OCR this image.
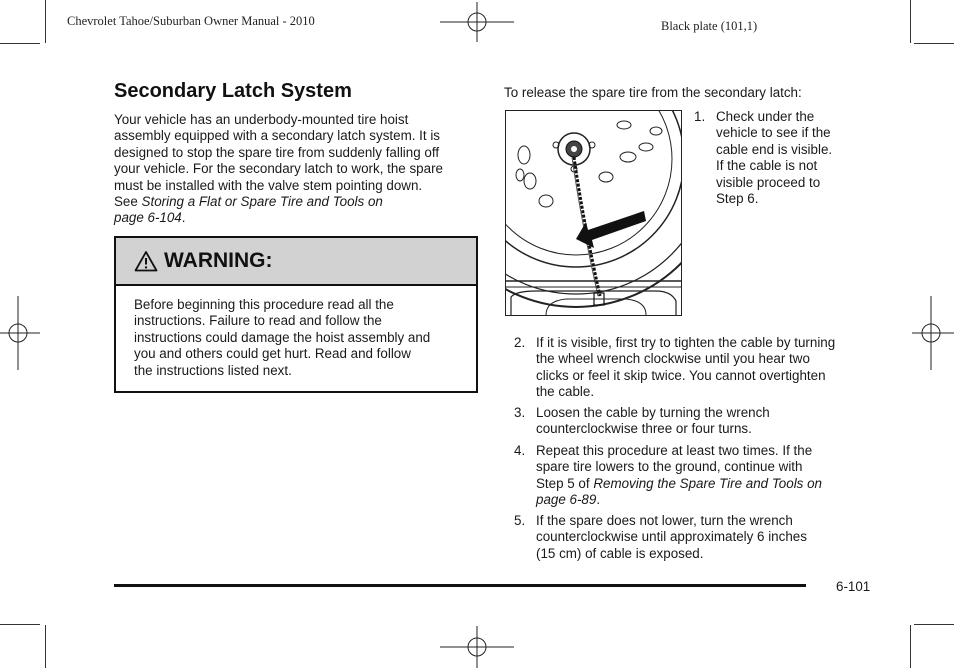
Chevrolet Tahoe/Suburban Owner Manual - 2010	Black plate (101,1)
Secondary Latch System
Your vehicle has an underbody-mounted tire hoist
assembly equipped with a secondary latch system. It is
designed to stop the spare tire from suddenly falling off
your vehicle. For the secondary latch to work, the spare
must be installed with the valve stem pointing down.
See Storing a Flat or Spare Tire and Tools on
page 6-104.
WARNING:
Before beginning this procedure read all the
instructions. Failure to read and follow the
instructions could damage the hoist assembly and
you and others could get hurt. Read and follow
the instructions listed next.
To release the spare tire from the secondary latch:
1. Check under the
vehicle to see if the
cable end is visible.
If the cable is not
visible proceed to
Step 6.
2. If it is visible, first try to tighten the cable by turning
the wheel wrench clockwise until you hear two
clicks or feel it skip twice. You cannot overtighten
the cable.
3. Loosen the cable by turning the wrench
counterclockwise three or four turns.
4. Repeat this procedure at least two times. If the
spare tire lowers to the ground, continue with
Step 5 of Removing the Spare Tire and Tools on
page 6-89.
5. If the spare does not lower, turn the wrench
counterclockwise until approximately 6 inches
(15 cm) of cable is exposed.
6-101
